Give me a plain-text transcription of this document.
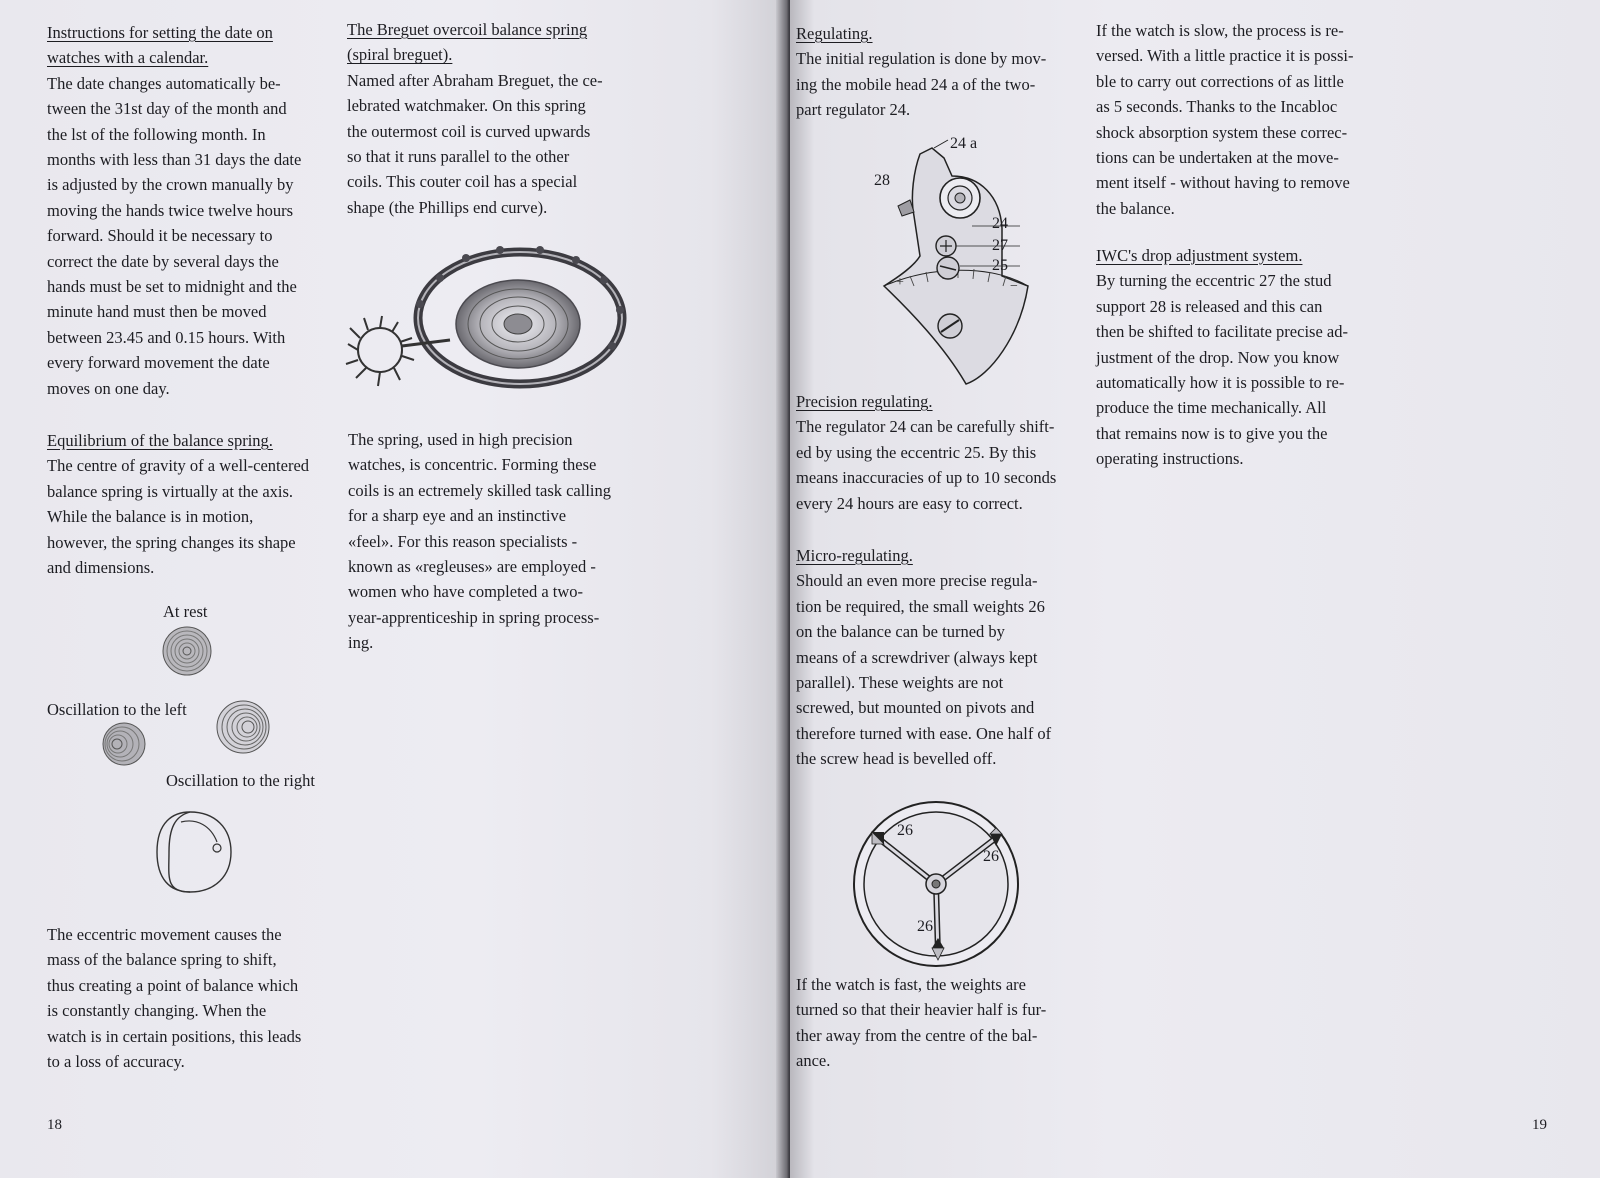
Instructions for setting the date on
watches with a calendar.
The date changes automatically be-
tween the 31st day of the month and
the lst of the following month. In
months with less than 31 days the date
is adjusted by the crown manually by
moving the hands twice twelve hours
forward. Should it be necessary to
correct the date by several days the
hands must be set to midnight and the
minute hand must then be moved
between 23.45 and 0.15 hours. With
every forward movement the date
moves on one day.
Equilibrium of the balance spring.
The centre of gravity of a well-centered
balance spring is virtually at the axis.
While the balance is in motion,
however, the spring changes its shape
and dimensions.
At rest
Oscillation to the left
Oscillation to the right
The eccentric movement causes the
mass of the balance spring to shift,
thus creating a point of balance which
is constantly changing. When the
watch is in certain positions, this leads
to a loss of accuracy.
The Breguet overcoil balance spring
(spiral breguet).
Named after Abraham Breguet, the ce-
lebrated watchmaker. On this spring
the outermost coil is curved upwards
so that it runs parallel to the other
coils. This couter coil has a special
shape (the Phillips end curve).
The spring, used in high precision
watches, is concentric. Forming these
coils is an ectremely skilled task calling
for a sharp eye and an instinctive
«feel». For this reason specialists -
known as «regleuses» are employed -
women who have completed a two-
year-apprenticeship in spring process-
ing.
18
Regulating.
The initial regulation is done by mov-
ing the mobile head 24 a of the two-
part regulator 24.
+	−
24 a
28
24
27
25
Precision regulating.
The regulator 24 can be carefully shift-
ed by using the eccentric 25. By this
means inaccuracies of up to 10 seconds
every 24 hours are easy to correct.
Micro-regulating.
Should an even more precise regula-
tion be required, the small weights 26
on the balance can be turned by
means of a screwdriver (always kept
parallel). These weights are not
screwed, but mounted on pivots and
therefore turned with ease. One half of
the screw head is bevelled off.
26
26
26
If the watch is fast, the weights are
turned so that their heavier half is fur-
ther away from the centre of the bal-
ance.
If the watch is slow, the process is re-
versed. With a little practice it is possi-
ble to carry out corrections of as little
as 5 seconds. Thanks to the Incabloc
shock absorption system these correc-
tions can be undertaken at the move-
ment itself - without having to remove
the balance.
IWC's drop adjustment system.
By turning the eccentric 27 the stud
support 28 is released and this can
then be shifted to facilitate precise ad-
justment of the drop. Now you know
automatically how it is possible to re-
produce the time mechanically. All
that remains now is to give you the
operating instructions.
19
